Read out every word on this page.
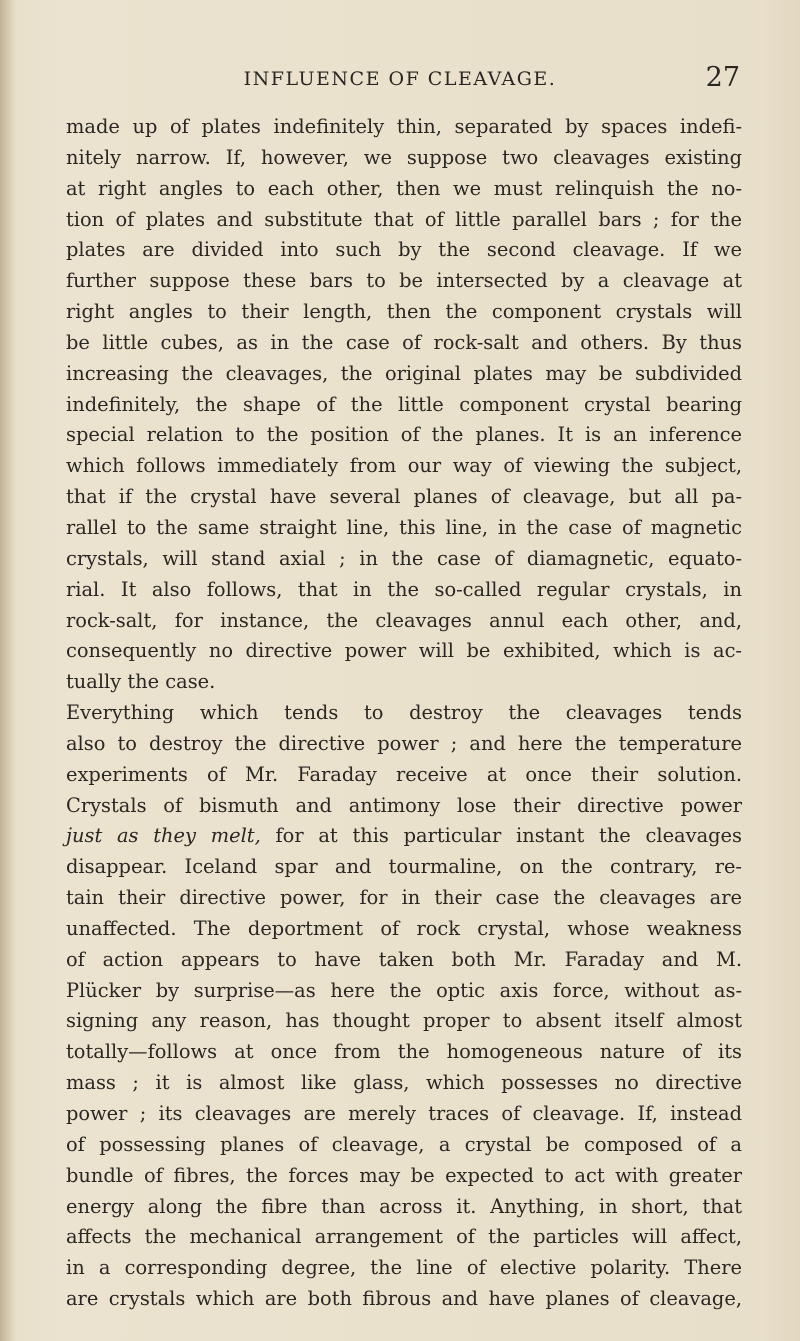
INFLUENCE OF CLEAVAGE.	27
made up of plates indefinitely thin, separated by spaces indefi-
nitely narrow. If, however, we suppose two cleavages existing
at right angles to each other, then we must relinquish the no-
tion of plates and substitute that of little parallel bars ; for the
plates are divided into such by the second cleavage. If we
further suppose these bars to be intersected by a cleavage at
right angles to their length, then the component crystals will
be little cubes, as in the case of rock-salt and others. By thus
increasing the cleavages, the original plates may be subdivided
indefinitely, the shape of the little component crystal bearing
special relation to the position of the planes. It is an inference
which follows immediately from our way of viewing the subject,
that if the crystal have several planes of cleavage, but all pa-
rallel to the same straight line, this line, in the case of magnetic
crystals, will stand axial ; in the case of diamagnetic, equato-
rial. It also follows, that in the so-called regular crystals, in
rock-salt, for instance, the cleavages annul each other, and,
consequently no directive power will be exhibited, which is ac-
tually the case.
Everything which tends to destroy the cleavages tends
also to destroy the directive power ; and here the temperature
experiments of Mr. Faraday receive at once their solution.
Crystals of bismuth and antimony lose their directive power
just as they melt, for at this particular instant the cleavages
disappear. Iceland spar and tourmaline, on the contrary, re-
tain their directive power, for in their case the cleavages are
unaffected. The deportment of rock crystal, whose weakness
of action appears to have taken both Mr. Faraday and M.
Plücker by surprise—as here the optic axis force, without as-
signing any reason, has thought proper to absent itself almost
totally—follows at once from the homogeneous nature of its
mass ; it is almost like glass, which possesses no directive
power ; its cleavages are merely traces of cleavage. If, instead
of possessing planes of cleavage, a crystal be composed of a
bundle of fibres, the forces may be expected to act with greater
energy along the fibre than across it. Anything, in short, that
affects the mechanical arrangement of the particles will affect,
in a corresponding degree, the line of elective polarity. There
are crystals which are both fibrous and have planes of cleavage,
